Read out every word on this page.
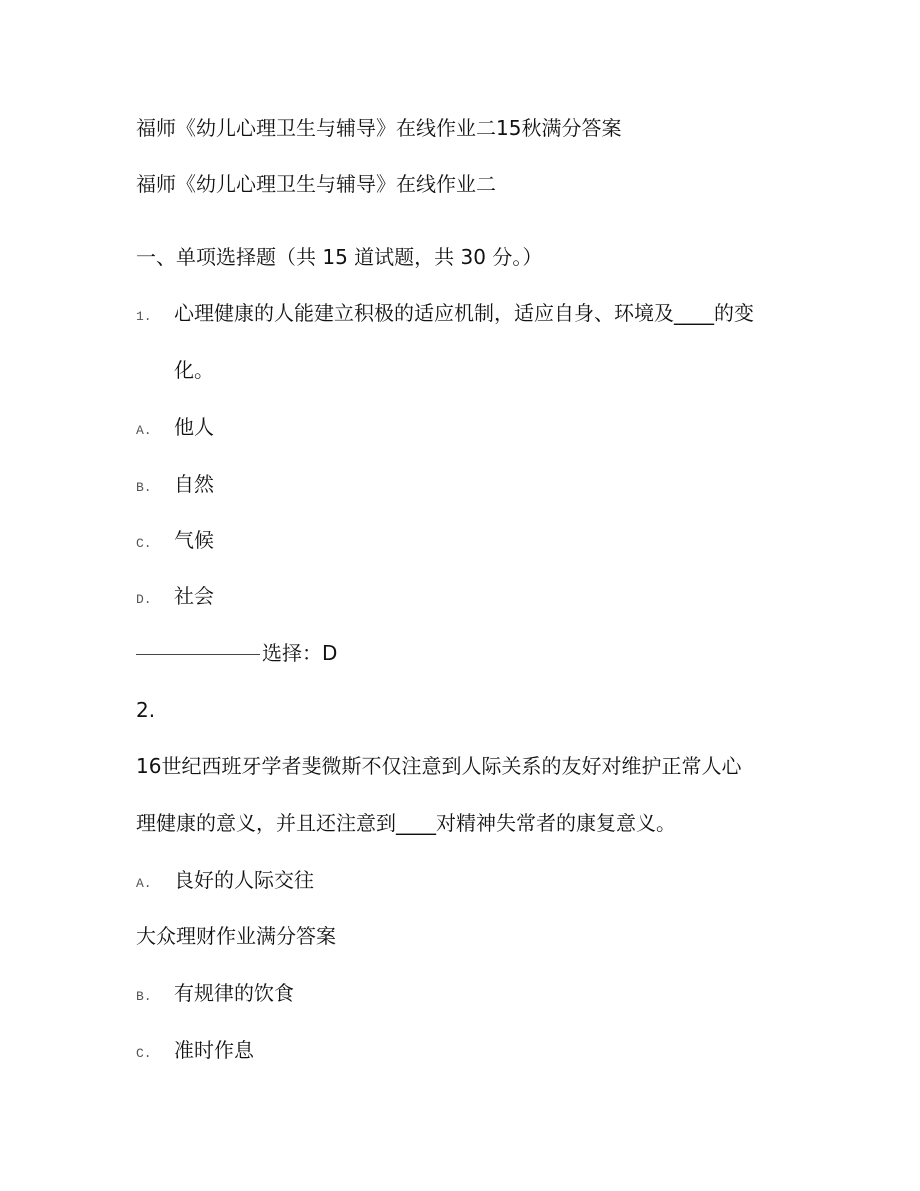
福师《幼儿心理卫生与辅导》在线作业二15秋满分答案
福师《幼儿心理卫生与辅导》在线作业二
一、单项选择题（共 15 道试题，共 30 分。）
1. 心理健康的人能建立积极的适应机制，适应自身、环境及____的变
化。
A. 他人
B. 自然
C. 气候
D. 社会
选择：D
2.
16世纪西班牙学者斐微斯不仅注意到人际关系的友好对维护正常人心
理健康的意义，并且还注意到____对精神失常者的康复意义。
A. 良好的人际交往
大众理财作业满分答案
B. 有规律的饮食
C. 准时作息
